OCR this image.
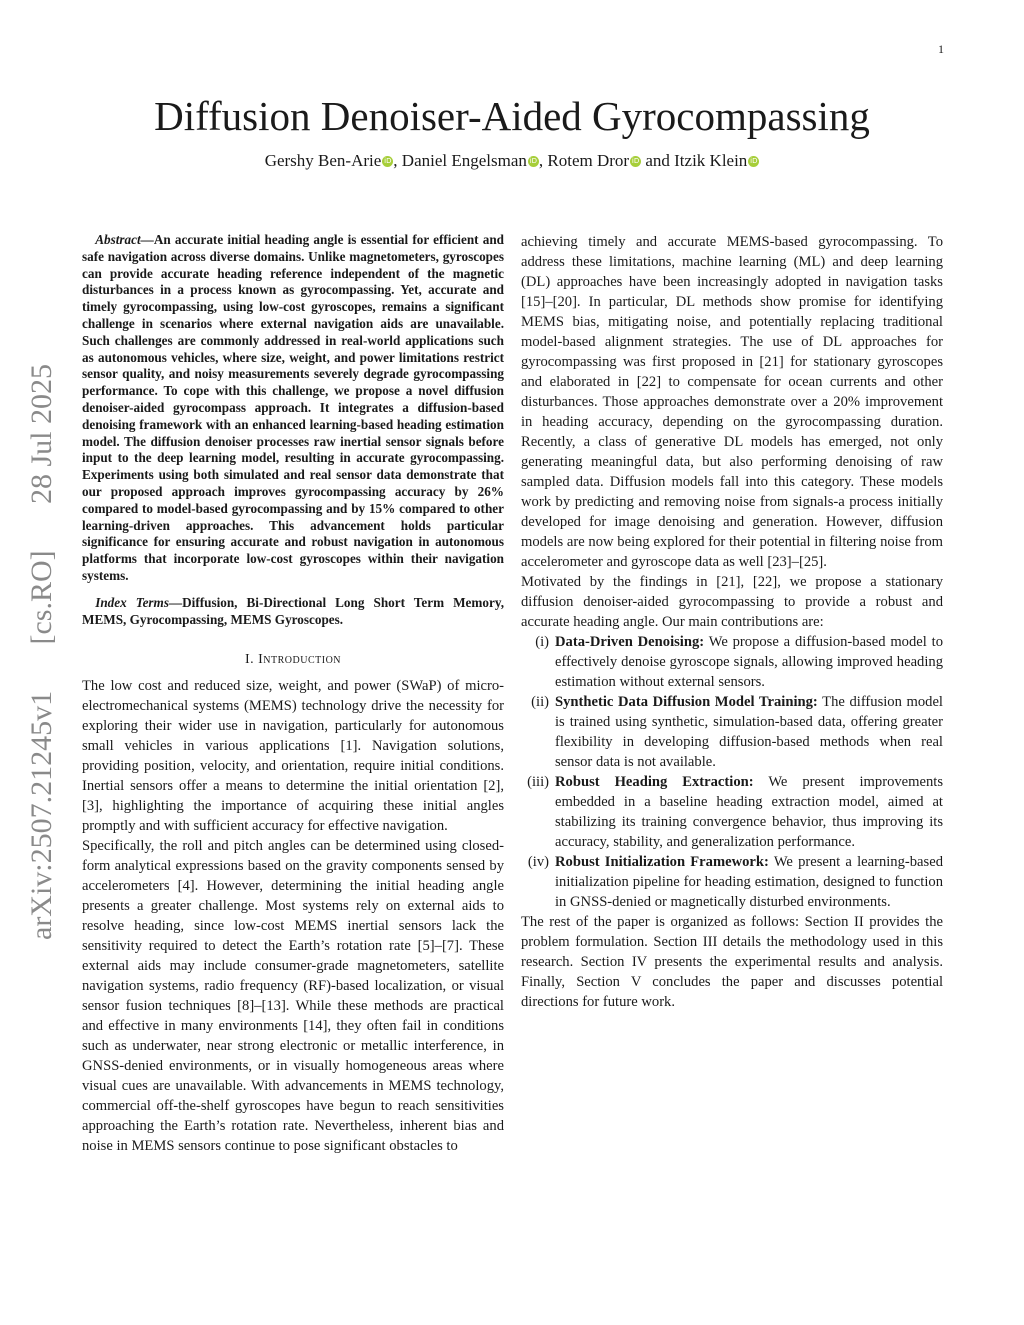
1
arXiv:2507.21245v1
[cs.RO]
28 Jul 2025
Diffusion Denoiser-Aided Gyrocompassing
Gershy Ben-Arie iD , Daniel Engelsman iD , Rotem Dror iD and Itzik Klein iD

Abstract—An accurate initial heading angle is essential for efficient and safe navigation across diverse domains. Unlike magnetometers, gyroscopes can provide accurate heading reference independent of the magnetic disturbances in a process known as gyrocompassing. Yet, accurate and timely gyrocompassing, using low-cost gyroscopes, remains a significant challenge in scenarios where external navigation aids are unavailable. Such challenges are commonly addressed in real-world applications such as autonomous vehicles, where size, weight, and power limitations restrict sensor quality, and noisy measurements severely degrade gyrocompassing performance. To cope with this challenge, we propose a novel diffusion denoiser-aided gyrocompass approach. It integrates a diffusion-based denoising framework with an enhanced learning-based heading estimation model. The diffusion denoiser processes raw inertial sensor signals before input to the deep learning model, resulting in accurate gyrocompassing. Experiments using both simulated and real sensor data demonstrate that our proposed approach improves gyrocompassing accuracy by 26% compared to model-based gyrocompassing and by 15% compared to other learning-driven approaches. This advancement holds particular significance for ensuring accurate and robust navigation in autonomous platforms that incorporate low-cost gyroscopes within their navigation systems.

Index Terms—Diffusion, Bi-Directional Long Short Term Memory, MEMS, Gyrocompassing, MEMS Gyroscopes.

I. Introduction

The low cost and reduced size, weight, and power (SWaP) of micro-electromechanical systems (MEMS) technology drive the necessity for exploring their wider use in navigation, particularly for autonomous small vehicles in various applications [1]. Navigation solutions, providing position, velocity, and orientation, require initial conditions. Inertial sensors offer a means to determine the initial orientation [2], [3], highlighting the importance of acquiring these initial angles promptly and with sufficient accuracy for effective navigation.

Specifically, the roll and pitch angles can be determined using closed-form analytical expressions based on the gravity components sensed by accelerometers [4]. However, determining the initial heading angle presents a greater challenge. Most systems rely on external aids to resolve heading, since low-cost MEMS inertial sensors lack the sensitivity required to detect the Earth’s rotation rate [5]–[7]. These external aids may include consumer-grade magnetometers, satellite navigation systems, radio frequency (RF)-based localization, or visual sensor fusion techniques [8]–[13]. While these methods are practical and effective in many environments [14], they often fail in conditions such as underwater, near strong electronic or metallic interference, in GNSS-denied environments, or in visually homogeneous areas where visual cues are unavailable. With advancements in MEMS technology, commercial off-the-shelf gyroscopes have begun to reach sensitivities approaching the Earth’s rotation rate. Nevertheless, inherent bias and noise in MEMS sensors continue to pose significant obstacles to

achieving timely and accurate MEMS-based gyrocompassing. To address these limitations, machine learning (ML) and deep learning (DL) approaches have been increasingly adopted in navigation tasks [15]–[20]. In particular, DL methods show promise for identifying MEMS bias, mitigating noise, and potentially replacing traditional model-based alignment strategies. The use of DL approaches for gyrocompassing was first proposed in [21] for stationary gyroscopes and elaborated in [22] to compensate for ocean currents and other disturbances. Those approaches demonstrate over a 20% improvement in heading accuracy, depending on the gyrocompassing duration. Recently, a class of generative DL models has emerged, not only generating meaningful data, but also performing denoising of raw sampled data. Diffusion models fall into this category. These models work by predicting and removing noise from signals-a process initially developed for image denoising and generation. However, diffusion models are now being explored for their potential in filtering noise from accelerometer and gyroscope data as well [23]–[25].

Motivated by the findings in [21], [22], we propose a stationary diffusion denoiser-aided gyrocompassing to provide a robust and accurate heading angle. Our main contributions are:

(i) Data-Driven Denoising: We propose a diffusion-based model to effectively denoise gyroscope signals, allowing improved heading estimation without external sensors.
(ii) Synthetic Data Diffusion Model Training: The diffusion model is trained using synthetic, simulation-based data, offering greater flexibility in developing diffusion-based methods when real sensor data is not available.
(iii) Robust Heading Extraction: We present improvements embedded in a baseline heading extraction model, aimed at stabilizing its training convergence behavior, thus improving its accuracy, stability, and generalization performance.
(iv) Robust Initialization Framework: We present a learning-based initialization pipeline for heading estimation, designed to function in GNSS-denied or magnetically disturbed environments.

The rest of the paper is organized as follows: Section II provides the problem formulation. Section III details the methodology used in this research. Section IV presents the experimental results and analysis. Finally, Section V concludes the paper and discusses potential directions for future work.
